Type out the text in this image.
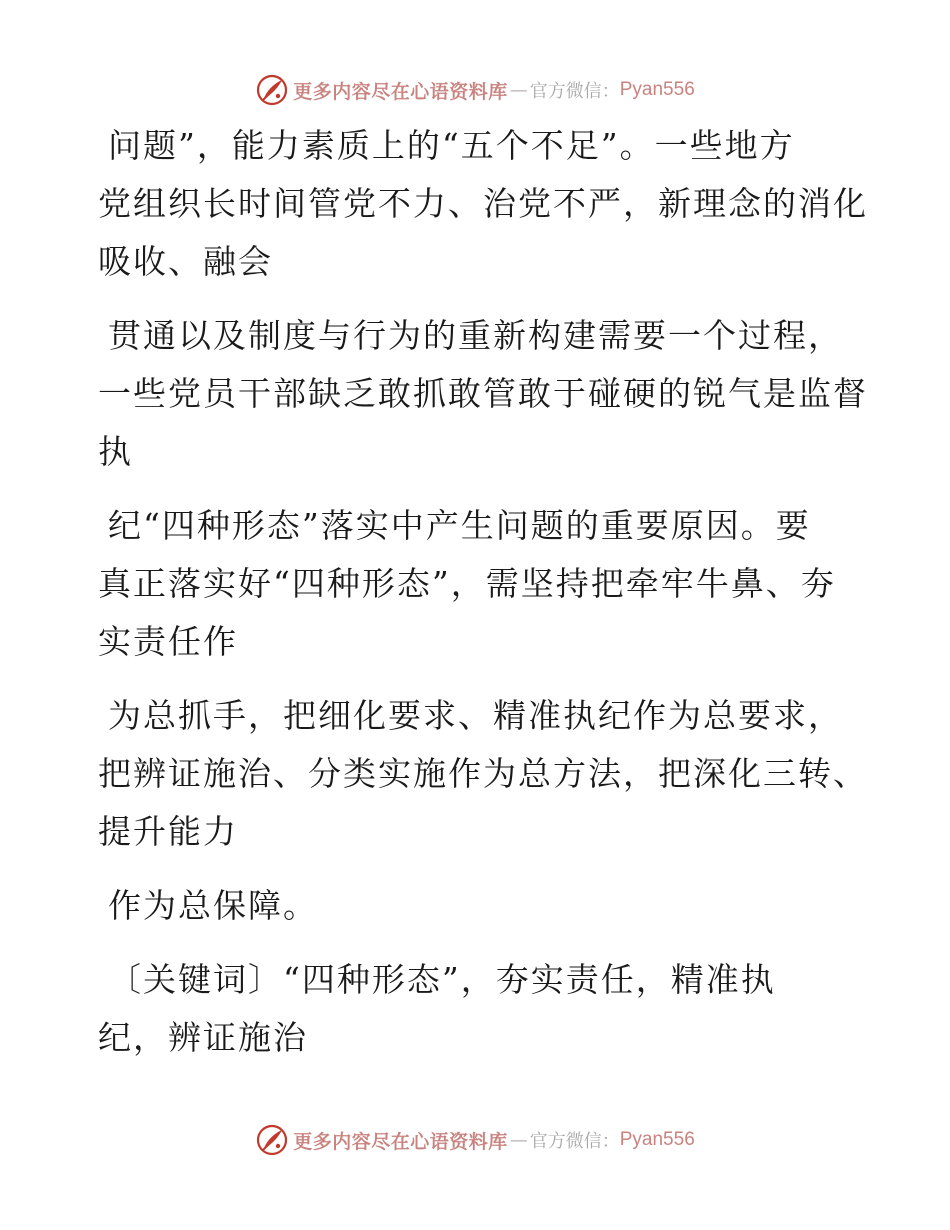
更多内容尽在心语资料库 — 官方微信： Pyan556
问题”，能力素质上的“五个不足”。一些地方
党组织长时间管党不力、治党不严，新理念的消化
吸收、融会
贯通以及制度与行为的重新构建需要一个过程，
一些党员干部缺乏敢抓敢管敢于碰硬的锐气是监督
执
纪“四种形态”落实中产生问题的重要原因。要
真正落实好“四种形态”，需坚持把牵牢牛鼻、夯
实责任作
为总抓手，把细化要求、精准执纪作为总要求，
把辨证施治、分类实施作为总方法，把深化三转、
提升能力
作为总保障。
〔关键词〕“四种形态”，夯实责任，精准执
纪，辨证施治
更多内容尽在心语资料库 — 官方微信： Pyan556
